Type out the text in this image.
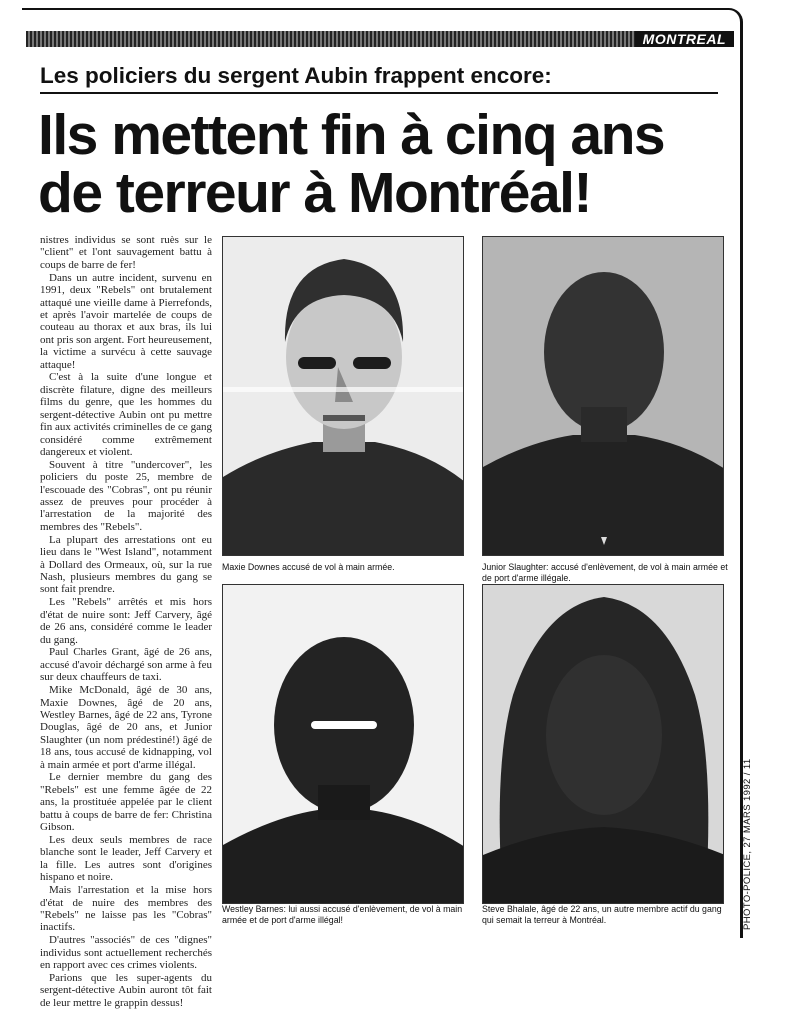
MONTREAL
Les policiers du sergent Aubin frappent encore:
Ils mettent fin à cinq ans
de terreur à Montréal!

nistres individus se sont ruès sur le "client" et l'ont sauvagement battu à coups de barre de fer!

Dans un autre incident, survenu en 1991, deux "Rebels" ont brutalement attaqué une vieille dame à Pierrefonds, et après l'avoir martelée de coups de couteau au thorax et aux bras, ils lui ont pris son argent. Fort heureusement, la victime a survécu à cette sauvage attaque!

C'est à la suite d'une longue et discrète filature, digne des meilleurs films du genre, que les hommes du sergent-détective Aubin ont pu mettre fin aux activités criminelles de ce gang considéré comme extrêmement dangereux et violent.

Souvent à titre "undercover", les policiers du poste 25, membre de l'escouade des "Cobras", ont pu réunir assez de preuves pour procéder à l'arrestation de la majorité des membres des "Rebels".

La plupart des arrestations ont eu lieu dans le "West Island", notamment à Dollard des Ormeaux, où, sur la rue Nash, plusieurs membres du gang se sont fait prendre.

Les "Rebels" arrêtés et mis hors d'état de nuire sont: Jeff Carvery, âgé de 26 ans, considéré comme le leader du gang.

Paul Charles Grant, âgé de 26 ans, accusé d'avoir déchargé son arme à feu sur deux chauffeurs de taxi.

Mike McDonald, âgé de 30 ans, Maxie Downes, âgé de 20 ans, Westley Barnes, âgé de 22 ans, Tyrone Douglas, âgé de 20 ans, et Junior Slaughter (un nom prédestiné!) âgé de 18 ans, tous accusé de kidnapping, vol à main armée et port d'arme illégal.

Le dernier membre du gang des "Rebels" est une femme âgée de 22 ans, la prostituée appelée par le client battu à coups de barre de fer: Christina Gibson.

Les deux seuls membres de race blanche sont le leader, Jeff Carvery et la fille. Les autres sont d'origines hispano et noire.

Mais l'arrestation et la mise hors d'état de nuire des membres des "Rebels" ne laisse pas les "Cobras" inactifs.

D'autres "associés" de ces "dignes" individus sont actuellement recherchés en rapport avec ces crimes violents.

Parions que les super-agents du sergent-détective Aubin auront tôt fait de leur mettre le grappin dessus!

Maxie Downes accusé de vol à main armée.	Junior Slaughter: accusé d'enlèvement, de vol à main armée et de port d'arme illégale.
Westley Barnes: lui aussi accusé d'enlèvement, de vol à main armée et de port d'arme illégal!
Steve Bhalale, âgé de 22 ans, un autre membre actif du gang qui semait la terreur à Montréal.	PHOTO-POLICE, 27 MARS 1992 / 11
